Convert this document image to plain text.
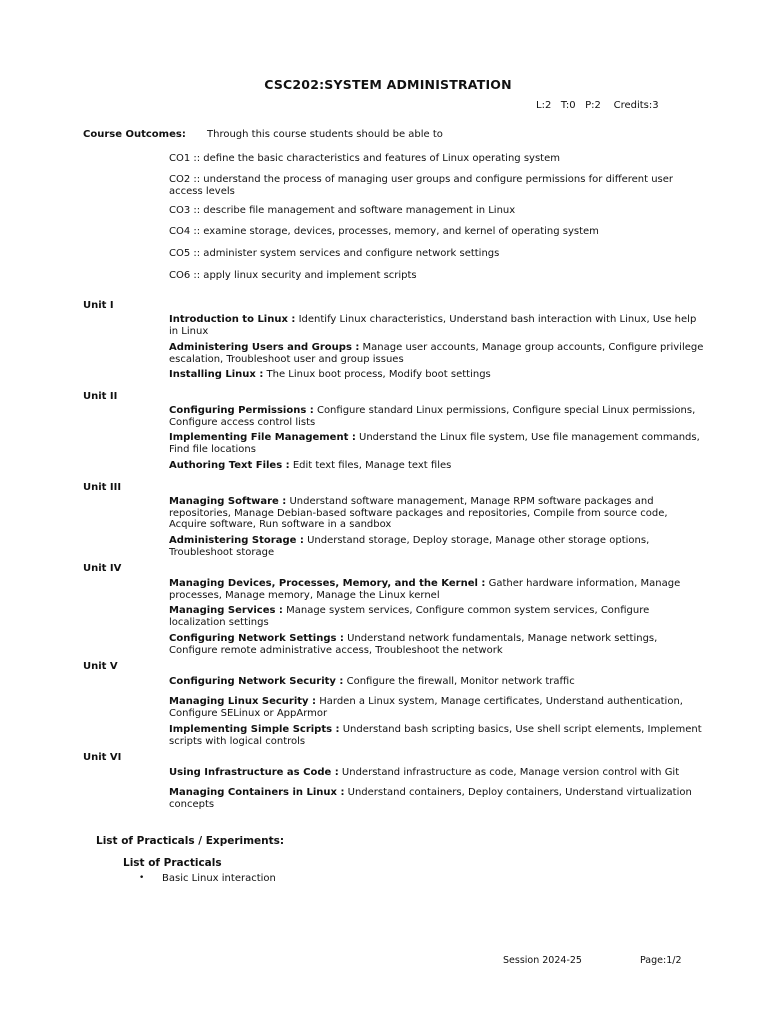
CSC202:SYSTEM ADMINISTRATION
L:2   T:0   P:2    Credits:3
Course Outcomes: Through this course students should be able to
CO1 :: define the basic characteristics and features of Linux operating system
CO2 :: understand the process of managing user groups and configure permissions for different user access levels
CO3 :: describe file management and software management in Linux
CO4 :: examine storage, devices, processes, memory, and kernel of operating system
CO5 :: administer system services and configure network settings
CO6 :: apply linux security and implement scripts
Unit I
Introduction to Linux : Identify Linux characteristics, Understand bash interaction with Linux, Use help in Linux
Administering Users and Groups : Manage user accounts, Manage group accounts, Configure privilege escalation, Troubleshoot user and group issues
Installing Linux : The Linux boot process, Modify boot settings
Unit II
Configuring Permissions : Configure standard Linux permissions, Configure special Linux permissions, Configure access control lists
Implementing File Management : Understand the Linux file system, Use file management commands, Find file locations
Authoring Text Files : Edit text files, Manage text files
Unit III
Managing Software : Understand software management, Manage RPM software packages and repositories, Manage Debian-based software packages and repositories, Compile from source code, Acquire software, Run software in a sandbox
Administering Storage : Understand storage, Deploy storage, Manage other storage options, Troubleshoot storage
Unit IV
Managing Devices, Processes, Memory, and the Kernel : Gather hardware information, Manage processes, Manage memory, Manage the Linux kernel
Managing Services : Manage system services, Configure common system services, Configure localization settings
Configuring Network Settings : Understand network fundamentals, Manage network settings, Configure remote administrative access, Troubleshoot the network
Unit V
Configuring Network Security : Configure the firewall, Monitor network traffic
Managing Linux Security : Harden a Linux system, Manage certificates, Understand authentication, Configure SELinux or AppArmor
Implementing Simple Scripts : Understand bash scripting basics, Use shell script elements, Implement scripts with logical controls
Unit VI
Using Infrastructure as Code : Understand infrastructure as code, Manage version control with Git
Managing Containers in Linux : Understand containers, Deploy containers, Understand virtualization concepts
List of Practicals / Experiments:
List of Practicals
• Basic Linux interaction
Session 2024-25	Page:1/2
